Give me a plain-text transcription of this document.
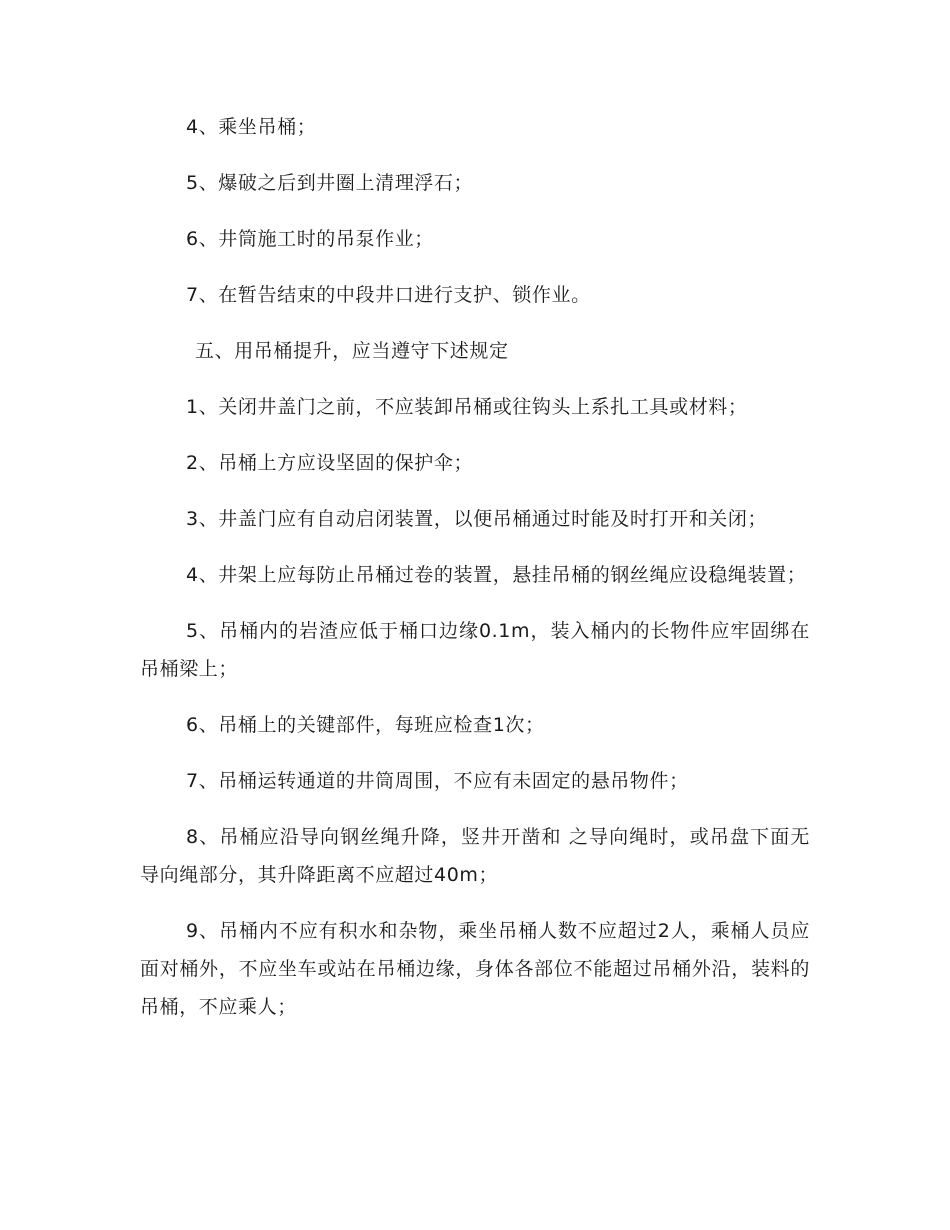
4、乘坐吊桶；

5、爆破之后到井圈上清理浮石；

6、井筒施工时的吊泵作业；

7、在暂告结束的中段井口进行支护、锁作业。

五、用吊桶提升，应当遵守下述规定

1、关闭井盖门之前，不应装卸吊桶或往钩头上系扎工具或材料；

2、吊桶上方应设坚固的保护伞；

3、井盖门应有自动启闭装置，以便吊桶通过时能及时打开和关闭；

4、井架上应每防止吊桶过卷的装置，悬挂吊桶的钢丝绳应设稳绳装置；

5、吊桶内的岩渣应低于桶口边缘0.1m，装入桶内的长物件应牢固绑在吊桶梁上；

6、吊桶上的关键部件，每班应检查1次；

7、吊桶运转通道的井筒周围，不应有未固定的悬吊物件；

8、吊桶应沿导向钢丝绳升降，竖井开凿和 之导向绳时，或吊盘下面无导向绳部分，其升降距离不应超过40m；

9、吊桶内不应有积水和杂物，乘坐吊桶人数不应超过2人，乘桶人员应面对桶外，不应坐车或站在吊桶边缘，身体各部位不能超过吊桶外沿，装料的吊桶，不应乘人；
